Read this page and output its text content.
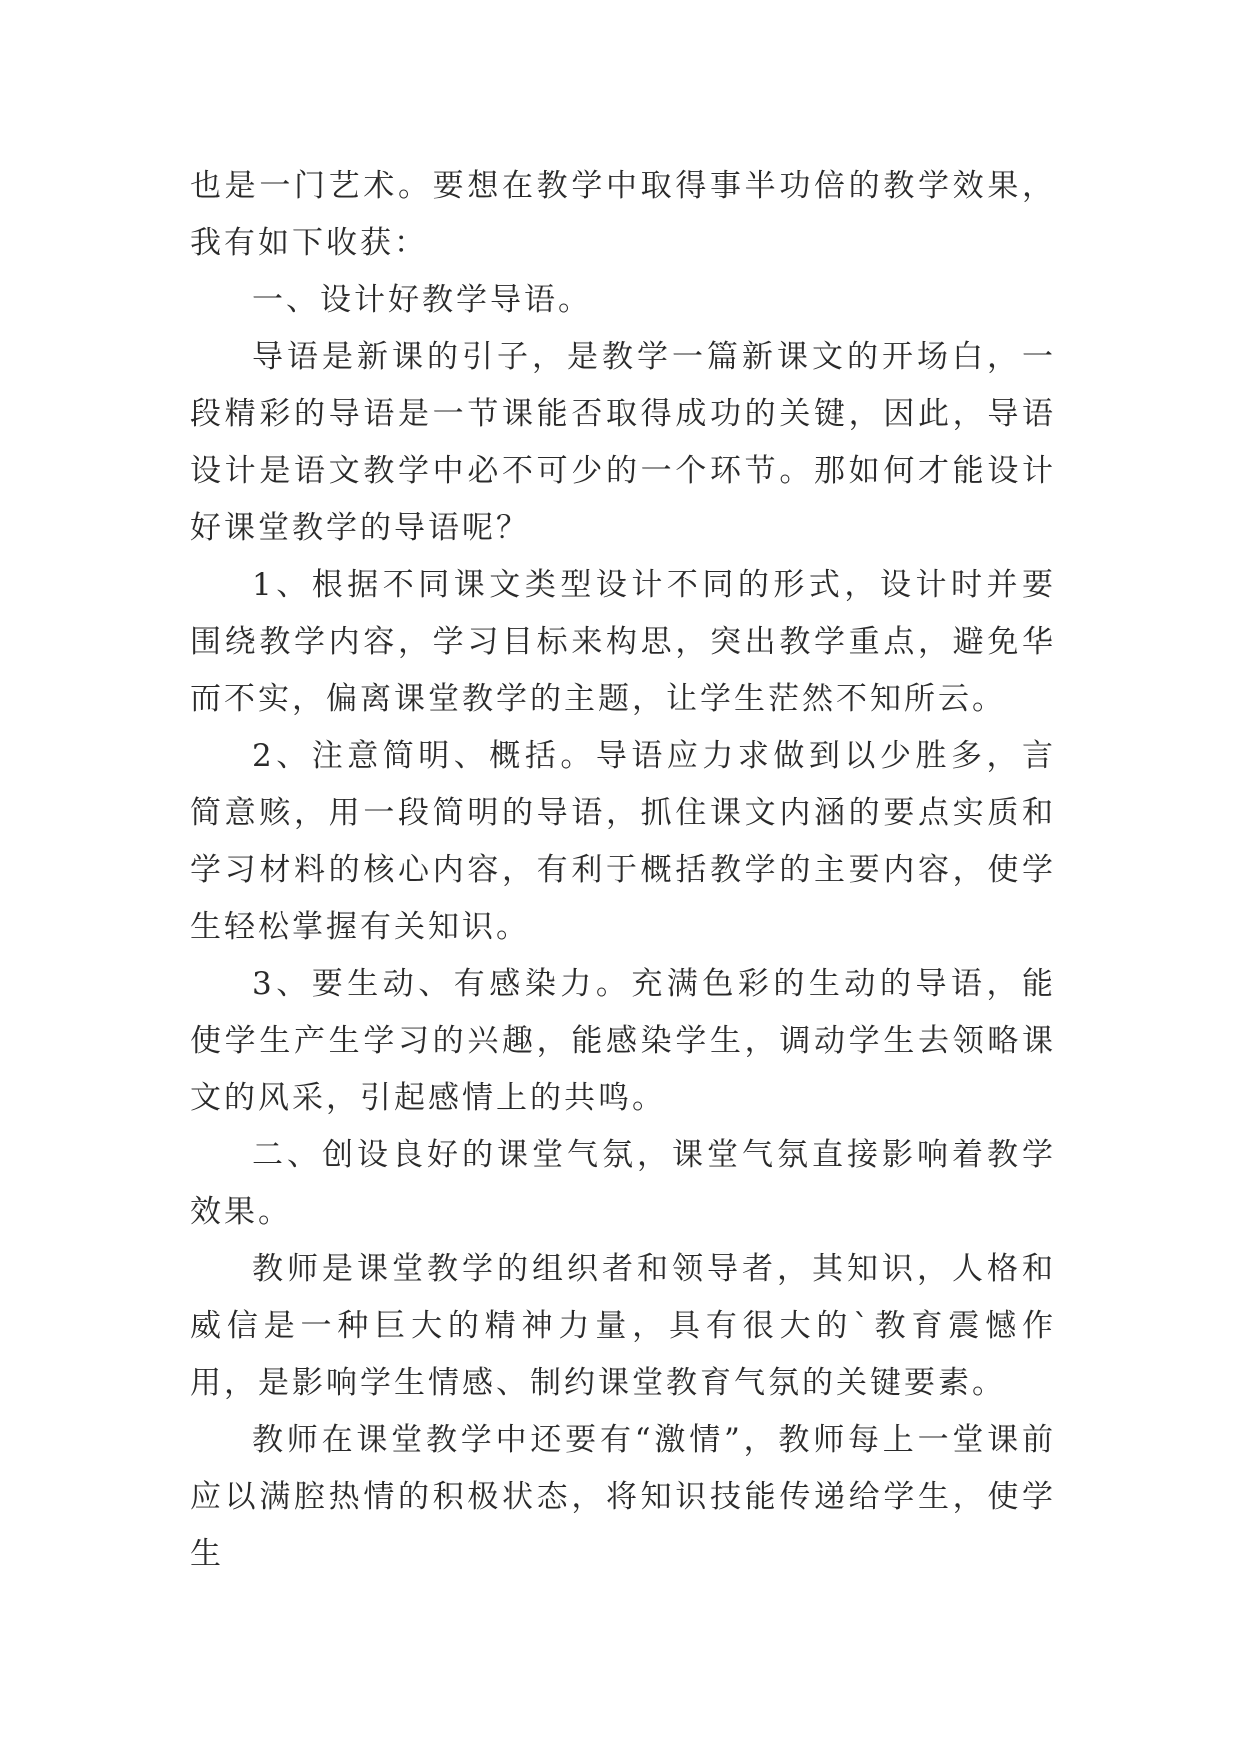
也是一门艺术。要想在教学中取得事半功倍的教学效果，我有如下收获：

一、设计好教学导语。

导语是新课的引子，是教学一篇新课文的开场白，一段精彩的导语是一节课能否取得成功的关键，因此，导语设计是语文教学中必不可少的一个环节。那如何才能设计好课堂教学的导语呢？

1、根据不同课文类型设计不同的形式，设计时并要围绕教学内容，学习目标来构思，突出教学重点，避免华而不实，偏离课堂教学的主题，让学生茫然不知所云。

2、注意简明、概括。导语应力求做到以少胜多，言简意赅，用一段简明的导语，抓住课文内涵的要点实质和学习材料的核心内容，有利于概括教学的主要内容，使学生轻松掌握有关知识。

3、要生动、有感染力。充满色彩的生动的导语，能使学生产生学习的兴趣，能感染学生，调动学生去领略课文的风采，引起感情上的共鸣。

二、创设良好的课堂气氛，课堂气氛直接影响着教学效果。

教师是课堂教学的组织者和领导者，其知识，人格和威信是一种巨大的精神力量，具有很大的`教育震憾作用，是影响学生情感、制约课堂教育气氛的关键要素。

教师在课堂教学中还要有“激情”，教师每上一堂课前应以满腔热情的积极状态，将知识技能传递给学生，使学生
